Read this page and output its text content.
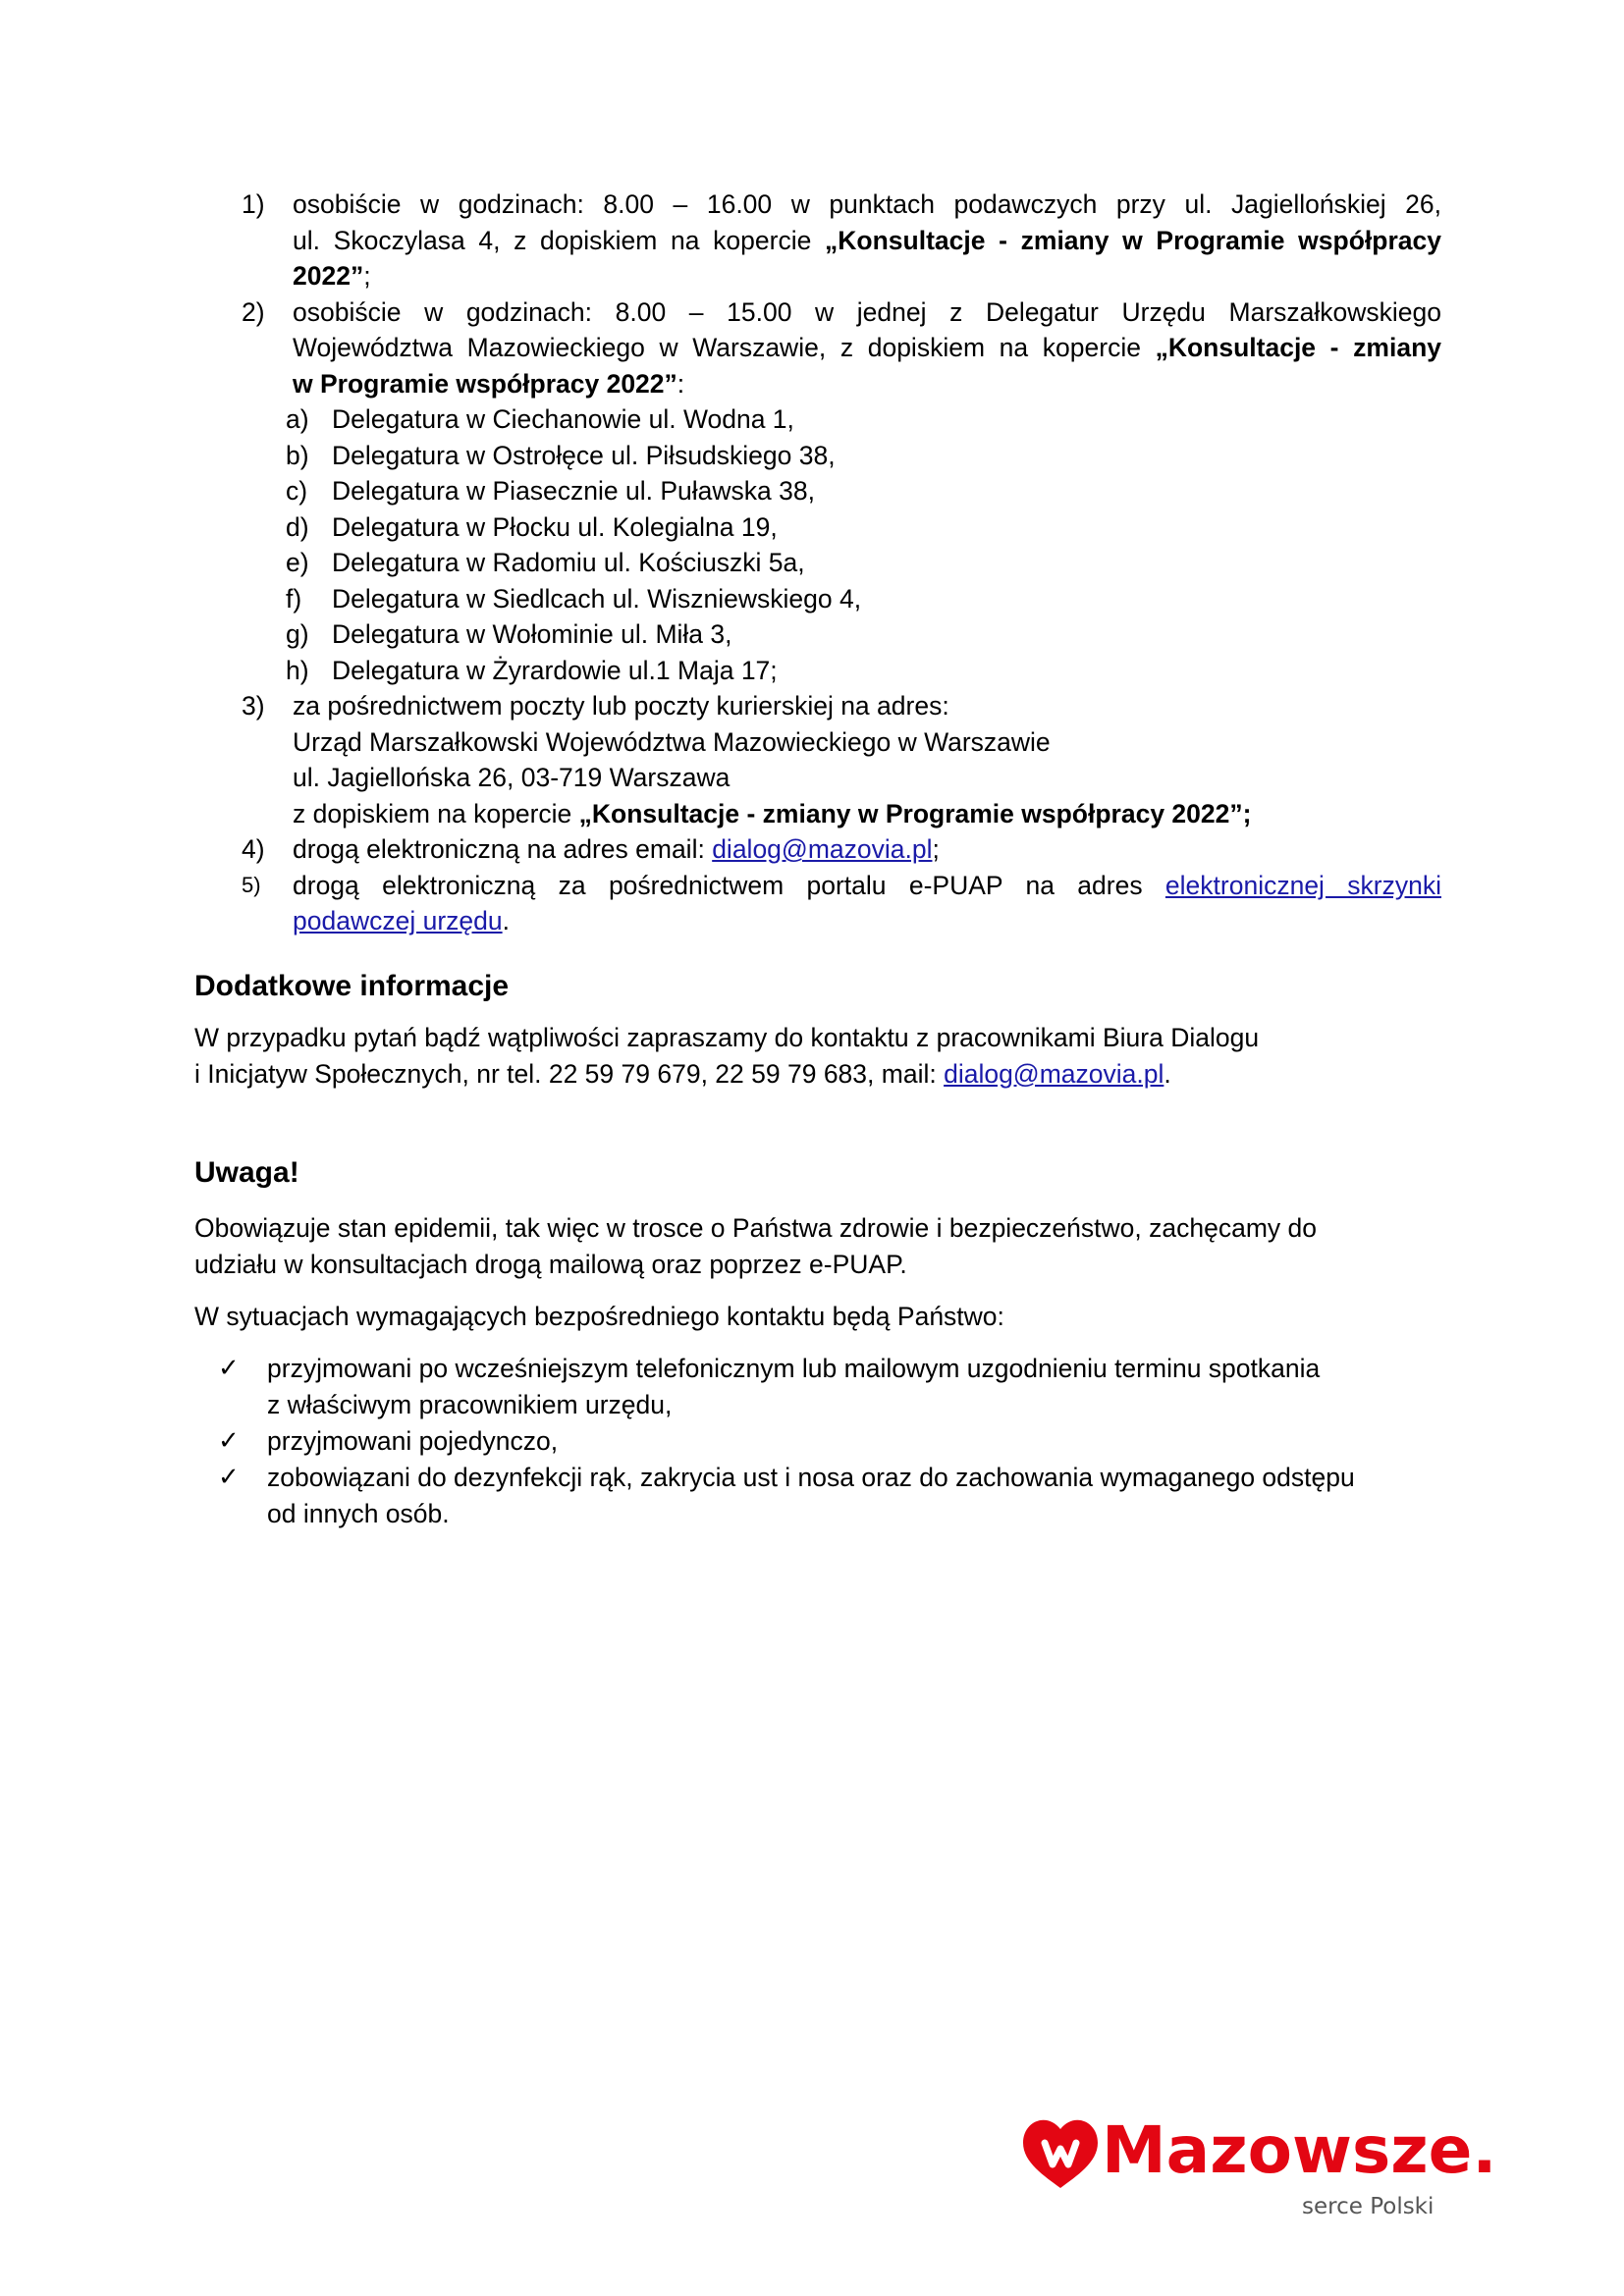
1) osobiście w godzinach: 8.00 – 16.00 w punktach podawczych przy ul. Jagiellońskiej 26,
ul. Skoczylasa 4, z dopiskiem na kopercie „Konsultacje - zmiany w Programie współpracy
2022”;
2) osobiście w godzinach: 8.00 – 15.00 w jednej z Delegatur Urzędu Marszałkowskiego
Województwa Mazowieckiego w Warszawie, z dopiskiem na kopercie „Konsultacje - zmiany
w Programie współpracy 2022”:
a) Delegatura w Ciechanowie ul. Wodna 1,
b) Delegatura w Ostrołęce ul. Piłsudskiego 38,
c) Delegatura w Piasecznie ul. Puławska 38,
d) Delegatura w Płocku ul. Kolegialna 19,
e) Delegatura w Radomiu ul. Kościuszki 5a,
f)	Delegatura w Siedlcach ul. Wiszniewskiego 4,
g) Delegatura w Wołominie ul. Miła 3,
h) Delegatura w Żyrardowie ul.1 Maja 17;
3) za pośrednictwem poczty lub poczty kurierskiej na adres:
Urząd Marszałkowski Województwa Mazowieckiego w Warszawie
ul. Jagiellońska 26, 03-719 Warszawa
z dopiskiem na kopercie „Konsultacje - zmiany w Programie współpracy 2022”;
4)	drogą elektroniczną na adres email: dialog@mazovia.pl;
5) drogą elektroniczną za pośrednictwem portalu e-PUAP na adres elektronicznej skrzynki
podawczej urzędu.
Dodatkowe informacje

W przypadku pytań bądź wątpliwości zapraszamy do kontaktu z pracownikami Biura Dialogu

i Inicjatyw Społecznych, nr tel. 22 59 79 679, 22 59 79 683, mail: dialog@mazovia.pl.

Uwaga!

Obowiązuje stan epidemii, tak więc w trosce o Państwa zdrowie i bezpieczeństwo, zachęcamy do

udziału w konsultacjach drogą mailową oraz poprzez e-PUAP.

W sytuacjach wymagających bezpośredniego kontaktu będą Państwo:

✓ przyjmowani po wcześniejszym telefonicznym lub mailowym uzgodnieniu terminu spotkania
z właściwym pracownikiem urzędu,
✓ przyjmowani pojedynczo,
✓ zobowiązani do dezynfekcji rąk, zakrycia ust i nosa oraz do zachowania wymaganego odstępu
od innych osób.
Mazowsze.
serce Polski
